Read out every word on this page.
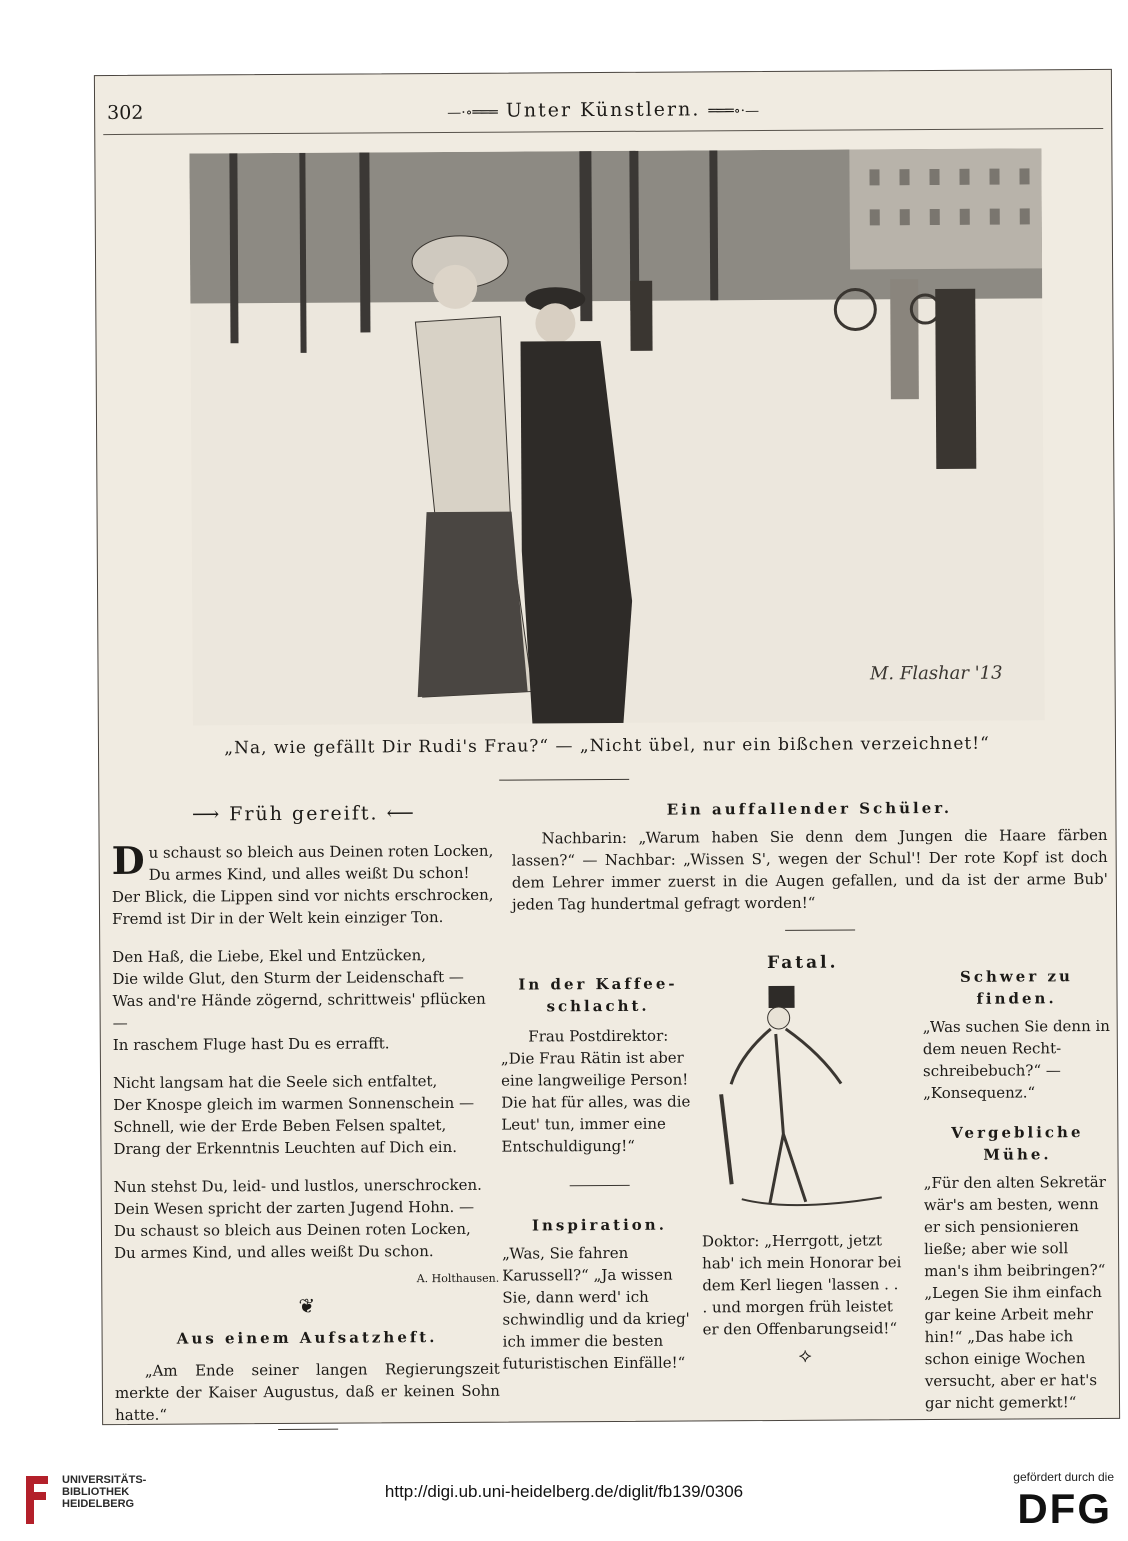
302	—·∘═══ Unter Künstlern. ═══∘·—
M. Flashar '13
„Na, wie gefällt Dir Rudi's Frau?“ — „Nicht übel, nur ein bißchen verzeichnet!“
⟶ Früh gereift. ⟵
Du schaust so bleich aus Deinen roten Locken,
Du armes Kind, und alles weißt Du schon!
Der Blick, die Lippen sind vor nichts erschrocken,
Fremd ist Dir in der Welt kein einziger Ton.
Den Haß, die Liebe, Ekel und Entzücken,
Die wilde Glut, den Sturm der Leidenschaft —
Was and're Hände zögernd, schrittweis' pflücken —
In raschem Fluge hast Du es errafft.
Nicht langsam hat die Seele sich entfaltet,
Der Knospe gleich im warmen Sonnenschein —
Schnell, wie der Erde Beben Felsen spaltet,
Drang der Erkenntnis Leuchten auf Dich ein.
Nun stehst Du, leid- und lustlos, unerschrocken.
Dein Wesen spricht der zarten Jugend Hohn. —
Du schaust so bleich aus Deinen roten Locken,
Du armes Kind, und alles weißt Du schon.
A. Holthausen.
❦
Aus einem Aufsatzheft.
„Am Ende seiner langen Regierungszeit merkte der Kaiser Augustus, daß er keinen Sohn hatte.“
Ein auffallender Schüler.
Nachbarin: „Warum haben Sie denn dem Jungen die Haare färben lassen?“ — Nachbar: „Wissen S', wegen der Schul'! Der rote Kopf ist doch dem Lehrer immer zuerst in die Augen gefallen, und da ist der arme Bub' jeden Tag hundertmal gefragt worden!“
In der Kaffee-schlacht.
Frau Postdirektor:
„Die Frau Rätin ist aber eine langweilige Person! Die hat für alles, was die Leut' tun, immer eine Entschuldigung!“
Inspiration.
„Was, Sie fahren Karussell?“ „Ja wissen Sie, dann werd' ich schwindlig und da krieg' ich immer die besten futuristischen Einfälle!“
Fatal.
Doktor: „Herrgott, jetzt hab' ich mein Honorar bei dem Kerl liegen 'lassen . . . und morgen früh leistet er den Offenbarungseid!“
⟡
Schwer zu finden.
„Was suchen Sie denn in dem neuen Recht-schreibebuch?“ — „Konsequenz.“
Vergebliche Mühe.
„Für den alten Sekretär wär's am besten, wenn er sich pensionieren ließe; aber wie soll man's ihm beibringen?“ „Legen Sie ihm einfach gar keine Arbeit mehr hin!“ „Das habe ich schon einige Wochen versucht, aber er hat's gar nicht gemerkt!“
UNIVERSITÄTS-
BIBLIOTHEK
HEIDELBERG
http://digi.ub.uni-heidelberg.de/diglit/fb139/0306
gefördert durch die
DFG
